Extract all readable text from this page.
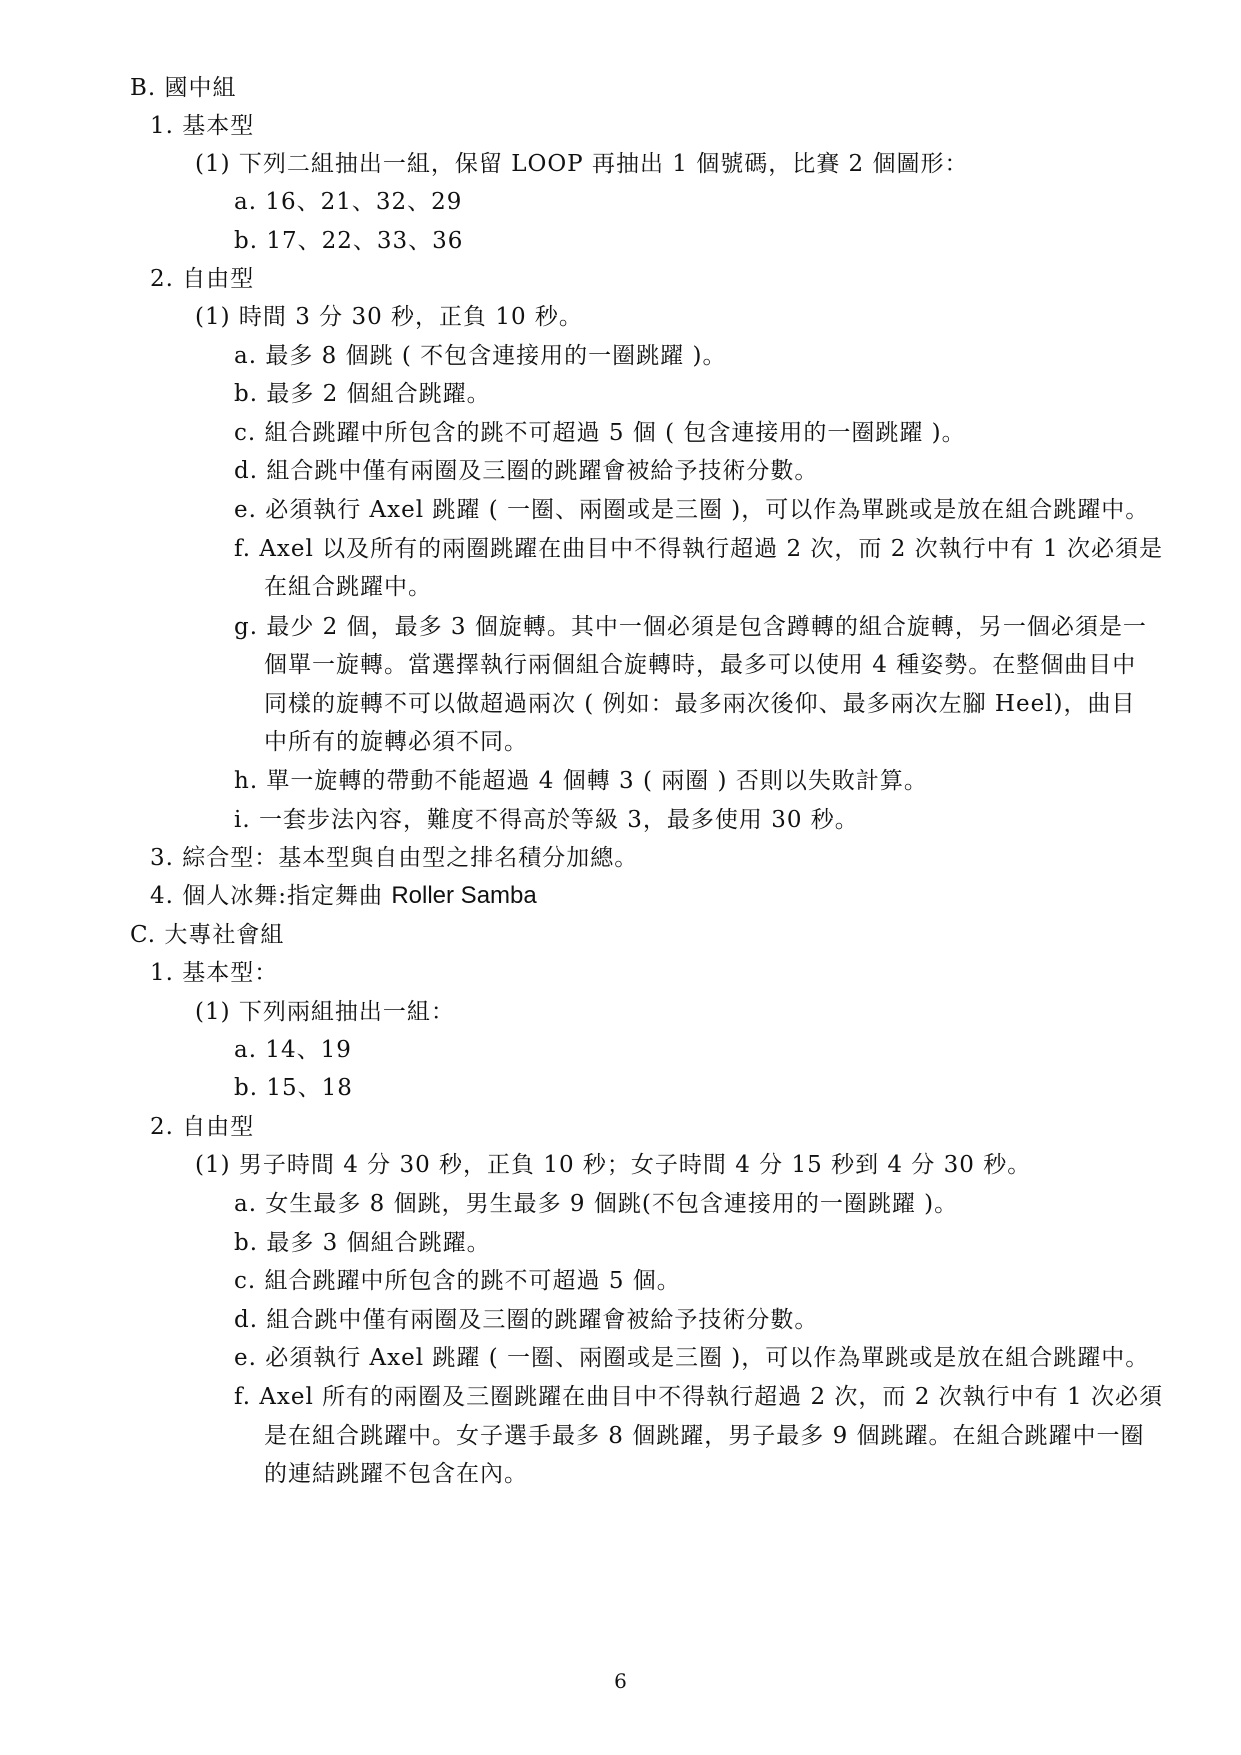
B. 國中組
1. 基本型
(1) 下列二組抽出一組，保留 LOOP 再抽出 1 個號碼，比賽 2 個圖形：
a. 16、21、32、29
b. 17、22、33、36
2. 自由型
(1) 時間 3 分 30 秒，正負 10 秒。
a. 最多 8 個跳 ( 不包含連接用的一圈跳躍 )。
b. 最多 2 個組合跳躍。
c. 組合跳躍中所包含的跳不可超過 5 個 ( 包含連接用的一圈跳躍 )。
d. 組合跳中僅有兩圈及三圈的跳躍會被給予技術分數。
e. 必須執行 Axel 跳躍 ( 一圈、兩圈或是三圈 )，可以作為單跳或是放在組合跳躍中。
f. Axel 以及所有的兩圈跳躍在曲目中不得執行超過 2 次，而 2 次執行中有 1 次必須是
在組合跳躍中。
g. 最少 2 個，最多 3 個旋轉。其中一個必須是包含蹲轉的組合旋轉，另一個必須是一
個單一旋轉。當選擇執行兩個組合旋轉時，最多可以使用 4 種姿勢。在整個曲目中
同樣的旋轉不可以做超過兩次 ( 例如：最多兩次後仰、最多兩次左腳 Heel)，曲目
中所有的旋轉必須不同。
h. 單一旋轉的帶動不能超過 4 個轉 3 ( 兩圈 ) 否則以失敗計算。
i. 一套步法內容，難度不得高於等級 3，最多使用 30 秒。
3. 綜合型：基本型與自由型之排名積分加總。
4. 個人冰舞:指定舞曲 Roller Samba
C. 大專社會組
1. 基本型：
(1) 下列兩組抽出一組：
a. 14、19
b. 15、18
2. 自由型
(1) 男子時間 4 分 30 秒，正負 10 秒；女子時間 4 分 15 秒到 4 分 30 秒。
a. 女生最多 8 個跳，男生最多 9 個跳(不包含連接用的一圈跳躍 )。
b. 最多 3 個組合跳躍。
c. 組合跳躍中所包含的跳不可超過 5 個。
d. 組合跳中僅有兩圈及三圈的跳躍會被給予技術分數。
e. 必須執行 Axel 跳躍 ( 一圈、兩圈或是三圈 )，可以作為單跳或是放在組合跳躍中。
f. Axel 所有的兩圈及三圈跳躍在曲目中不得執行超過 2 次，而 2 次執行中有 1 次必須
是在組合跳躍中。女子選手最多 8 個跳躍，男子最多 9 個跳躍。在組合跳躍中一圈
的連結跳躍不包含在內。
6
